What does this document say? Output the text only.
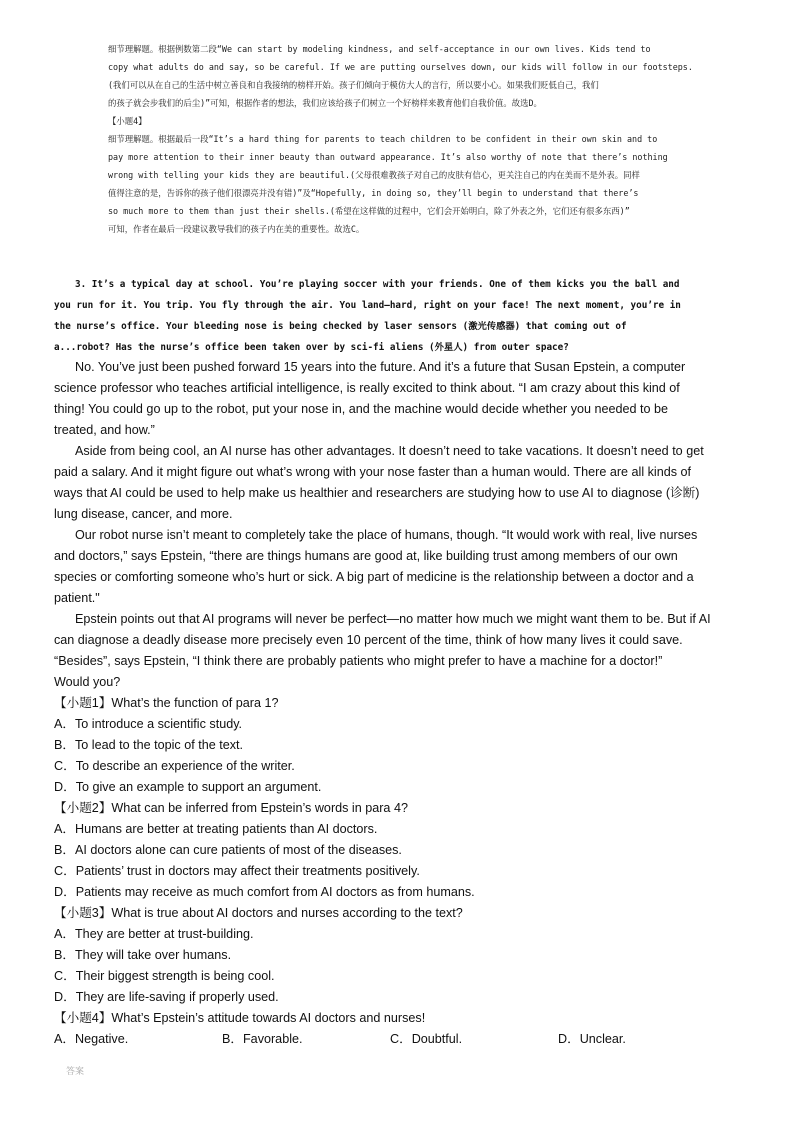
细节理解题。根据例数第二段“We can start by modeling kindness, and self-acceptance in our own lives. Kids tend to
copy what adults do and say, so be careful. If we are putting ourselves down, our kids will follow in our footsteps.
(我们可以从在自己的生活中树立善良和自我接纳的榜样开始。孩子们倾向于模仿大人的言行，所以要小心。如果我们贬低自己，我们
的孩子就会步我们的后尘)”可知，根据作者的想法，我们应该给孩子们树立一个好榜样来教育他们自我价值。故选D。
【小题4】
细节理解题。根据最后一段“It’s a hard thing for parents to teach children to be confident in their own skin and to
pay more attention to their inner beauty than outward appearance. It’s also worthy of note that there’s nothing
wrong with telling your kids they are beautiful.(父母很难教孩子对自己的皮肤有信心，更关注自己的内在美而不是外表。同样
值得注意的是，告诉你的孩子他们很漂亮并没有错)”及“Hopefully, in doing so, they’ll begin to understand that there’s
so much more to them than just their shells.(希望在这样做的过程中，它们会开始明白，除了外表之外，它们还有很多东西)”
可知，作者在最后一段建议教导我们的孩子内在美的重要性。故选C。
3. It’s a typical day at school. You’re playing soccer with your friends. One of them kicks you the ball and
you run for it. You trip. You fly through the air. You land—hard, right on your face! The next moment, you’re in
the nurse’s office. Your bleeding nose is being checked by laser sensors (激光传感器) that coming out of
a...robot? Has the nurse’s office been taken over by sci-fi aliens (外星人) from outer space?
No. You’ve just been pushed forward 15 years into the future. And it’s a future that Susan Epstein, a computer
science professor who teaches artificial intelligence, is really excited to think about. “I am crazy about this kind of
thing! You could go up to the robot, put your nose in, and the machine would decide whether you needed to be
treated, and how.”
Aside from being cool, an AI nurse has other advantages. It doesn’t need to take vacations. It doesn’t need to get
paid a salary. And it might figure out what’s wrong with your nose faster than a human would. There are all kinds of
ways that AI could be used to help make us healthier and researchers are studying how to use AI to diagnose (诊断)
lung disease, cancer, and more.
Our robot nurse isn’t meant to completely take the place of humans, though. “It would work with real, live nurses
and doctors,” says Epstein, “there are things humans are good at, like building trust among members of our own
species or comforting someone who’s hurt or sick. A big part of medicine is the relationship between a doctor and a
patient."
Epstein points out that AI programs will never be perfect—no matter how much we might want them to be. But if AI
can diagnose a deadly disease more precisely even 10 percent of the time, think of how many lives it could save.
“Besides”, says Epstein, “I think there are probably patients who might prefer to have a machine for a doctor!”
Would you?
【小题1】What’s the function of para 1?
A．To introduce a scientific study.
B．To lead to the topic of the text.
C．To describe an experience of the writer.
D．To give an example to support an argument.
【小题2】What can be inferred from Epstein’s words in para 4?
A．Humans are better at treating patients than AI doctors.
B．AI doctors alone can cure patients of most of the diseases.
C．Patients’ trust in doctors may affect their treatments positively.
D．Patients may receive as much comfort from AI doctors as from humans.
【小题3】What is true about AI doctors and nurses according to the text?
A．They are better at trust-building.
B．They will take over humans.
C．Their biggest strength is being cool.
D．They are life-saving if properly used.
【小题4】What’s Epstein’s attitude towards AI doctors and nurses!
A．Negative.	B．Favorable.	C．Doubtful.	D．Unclear.
答案
